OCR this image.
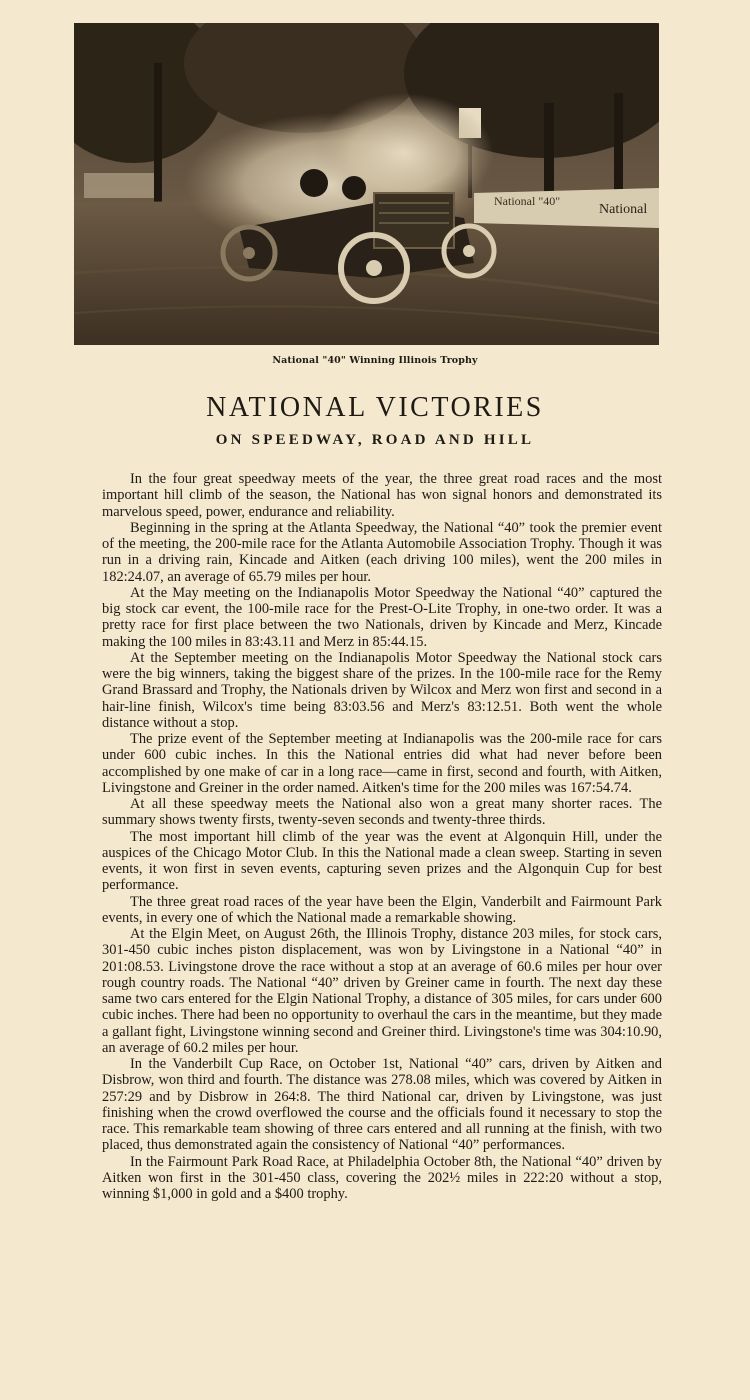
National
National "40"
National "40" Winning Illinois Trophy
NATIONAL VICTORIES
ON SPEEDWAY, ROAD AND HILL

In the four great speedway meets of the year, the three great road races and the most important hill climb of the season, the National has won signal honors and demonstrated its marvelous speed, power, endurance and reliability.

Beginning in the spring at the Atlanta Speedway, the National “40” took the premier event of the meeting, the 200-mile race for the Atlanta Automobile Association Trophy. Though it was run in a driving rain, Kincade and Aitken (each driving 100 miles), went the 200 miles in 182:24.07, an average of 65.79 miles per hour.

At the May meeting on the Indianapolis Motor Speedway the National “40” captured the big stock car event, the 100-mile race for the Prest-O-Lite Trophy, in one-two order. It was a pretty race for first place between the two Nationals, driven by Kincade and Merz, Kincade making the 100 miles in 83:43.11 and Merz in 85:44.15.

At the September meeting on the Indianapolis Motor Speedway the National stock cars were the big winners, taking the biggest share of the prizes. In the 100-mile race for the Remy Grand Brassard and Trophy, the Nationals driven by Wilcox and Merz won first and second in a hair-line finish, Wilcox's time being 83:03.56 and Merz's 83:12.51. Both went the whole distance without a stop.

The prize event of the September meeting at Indianapolis was the 200-mile race for cars under 600 cubic inches. In this the National entries did what had never before been accomplished by one make of car in a long race—came in first, second and fourth, with Aitken, Livingstone and Greiner in the order named. Aitken's time for the 200 miles was 167:54.74.

At all these speedway meets the National also won a great many shorter races. The summary shows twenty firsts, twenty-seven seconds and twenty-three thirds.

The most important hill climb of the year was the event at Algonquin Hill, under the auspices of the Chicago Motor Club. In this the National made a clean sweep. Starting in seven events, it won first in seven events, capturing seven prizes and the Algonquin Cup for best performance.

The three great road races of the year have been the Elgin, Vanderbilt and Fairmount Park events, in every one of which the National made a remarkable showing.

At the Elgin Meet, on August 26th, the Illinois Trophy, distance 203 miles, for stock cars, 301-450 cubic inches piston displacement, was won by Livingstone in a National “40” in 201:08.53. Livingstone drove the race without a stop at an average of 60.6 miles per hour over rough country roads. The National “40” driven by Greiner came in fourth. The next day these same two cars entered for the Elgin National Trophy, a distance of 305 miles, for cars under 600 cubic inches. There had been no opportunity to overhaul the cars in the meantime, but they made a gallant fight, Livingstone winning second and Greiner third. Livingstone's time was 304:10.90, an average of 60.2 miles per hour.

In the Vanderbilt Cup Race, on October 1st, National “40” cars, driven by Aitken and Disbrow, won third and fourth. The distance was 278.08 miles, which was covered by Aitken in 257:29 and by Disbrow in 264:8. The third National car, driven by Livingstone, was just finishing when the crowd overflowed the course and the officials found it necessary to stop the race. This remarkable team showing of three cars entered and all running at the finish, with two placed, thus demonstrated again the consistency of National “40” performances.

In the Fairmount Park Road Race, at Philadelphia October 8th, the National “40” driven by Aitken won first in the 301-450 class, covering the 202½ miles in 222:20 without a stop, winning $1,000 in gold and a $400 trophy.
